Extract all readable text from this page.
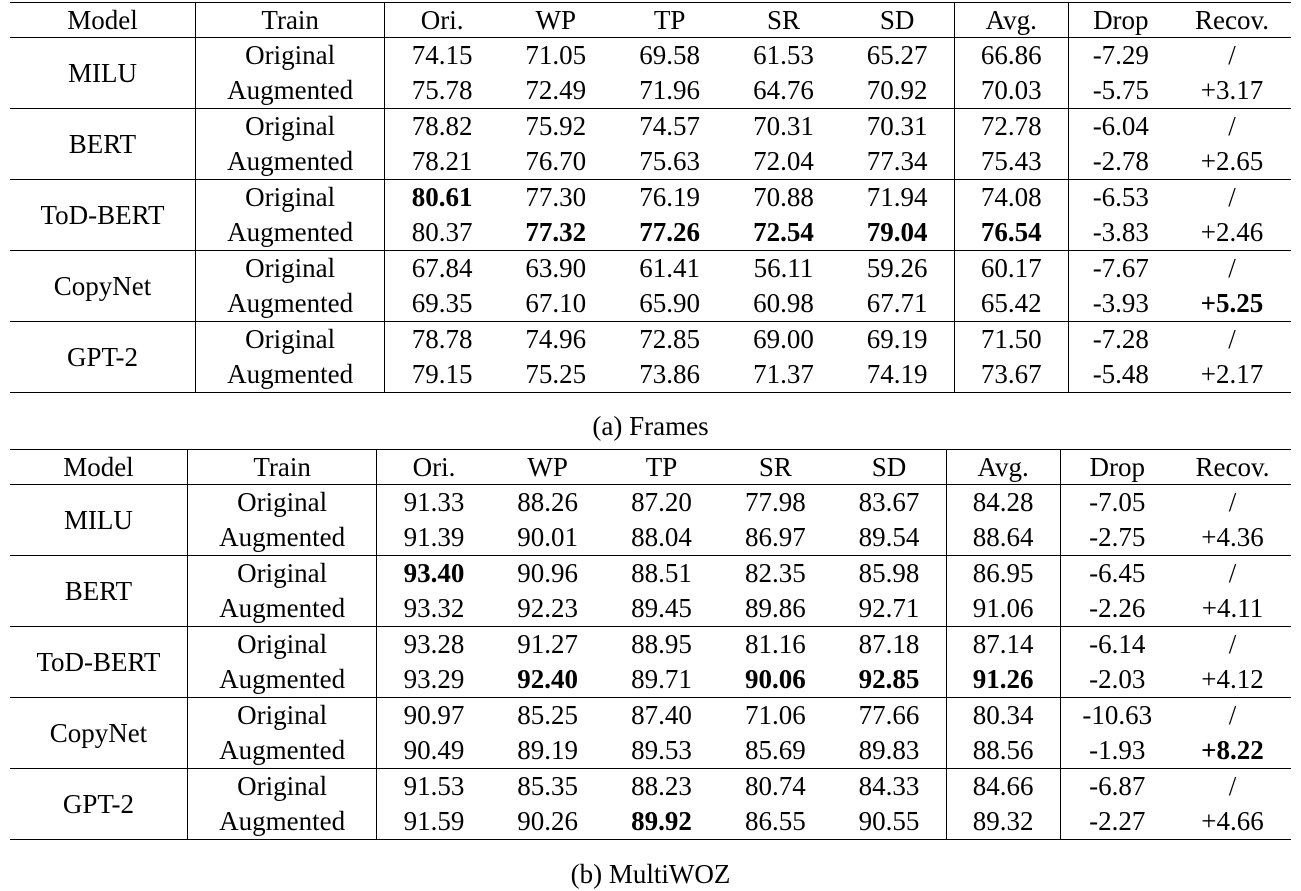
Model	Train	Ori.	WP	TP	SR	SD	Avg.	Drop	Recov.
MILU	Original	74.15	71.05	69.58	61.53	65.27	66.86	-7.29	/
	Augmented	75.78	72.49	71.96	64.76	70.92	70.03	-5.75	+3.17
BERT	Original	78.82	75.92	74.57	70.31	70.31	72.78	-6.04	/
	Augmented	78.21	76.70	75.63	72.04	77.34	75.43	-2.78	+2.65
ToD-BERT	Original	80.61	77.30	76.19	70.88	71.94	74.08	-6.53	/
	Augmented	80.37	77.32	77.26	72.54	79.04	76.54	-3.83	+2.46
CopyNet	Original	67.84	63.90	61.41	56.11	59.26	60.17	-7.67	/
	Augmented	69.35	67.10	65.90	60.98	67.71	65.42	-3.93	+5.25
GPT-2	Original	78.78	74.96	72.85	69.00	69.19	71.50	-7.28	/
	Augmented	79.15	75.25	73.86	71.37	74.19	73.67	-5.48	+2.17
(a) Frames
Model	Train	Ori.	WP	TP	SR	SD	Avg.	Drop	Recov.
MILU	Original	91.33	88.26	87.20	77.98	83.67	84.28	-7.05	/
	Augmented	91.39	90.01	88.04	86.97	89.54	88.64	-2.75	+4.36
BERT	Original	93.40	90.96	88.51	82.35	85.98	86.95	-6.45	/
	Augmented	93.32	92.23	89.45	89.86	92.71	91.06	-2.26	+4.11
ToD-BERT	Original	93.28	91.27	88.95	81.16	87.18	87.14	-6.14	/
	Augmented	93.29	92.40	89.71	90.06	92.85	91.26	-2.03	+4.12
CopyNet	Original	90.97	85.25	87.40	71.06	77.66	80.34	-10.63	/
	Augmented	90.49	89.19	89.53	85.69	89.83	88.56	-1.93	+8.22
GPT-2	Original	91.53	85.35	88.23	80.74	84.33	84.66	-6.87	/
	Augmented	91.59	90.26	89.92	86.55	90.55	89.32	-2.27	+4.66
(b) MultiWOZ
